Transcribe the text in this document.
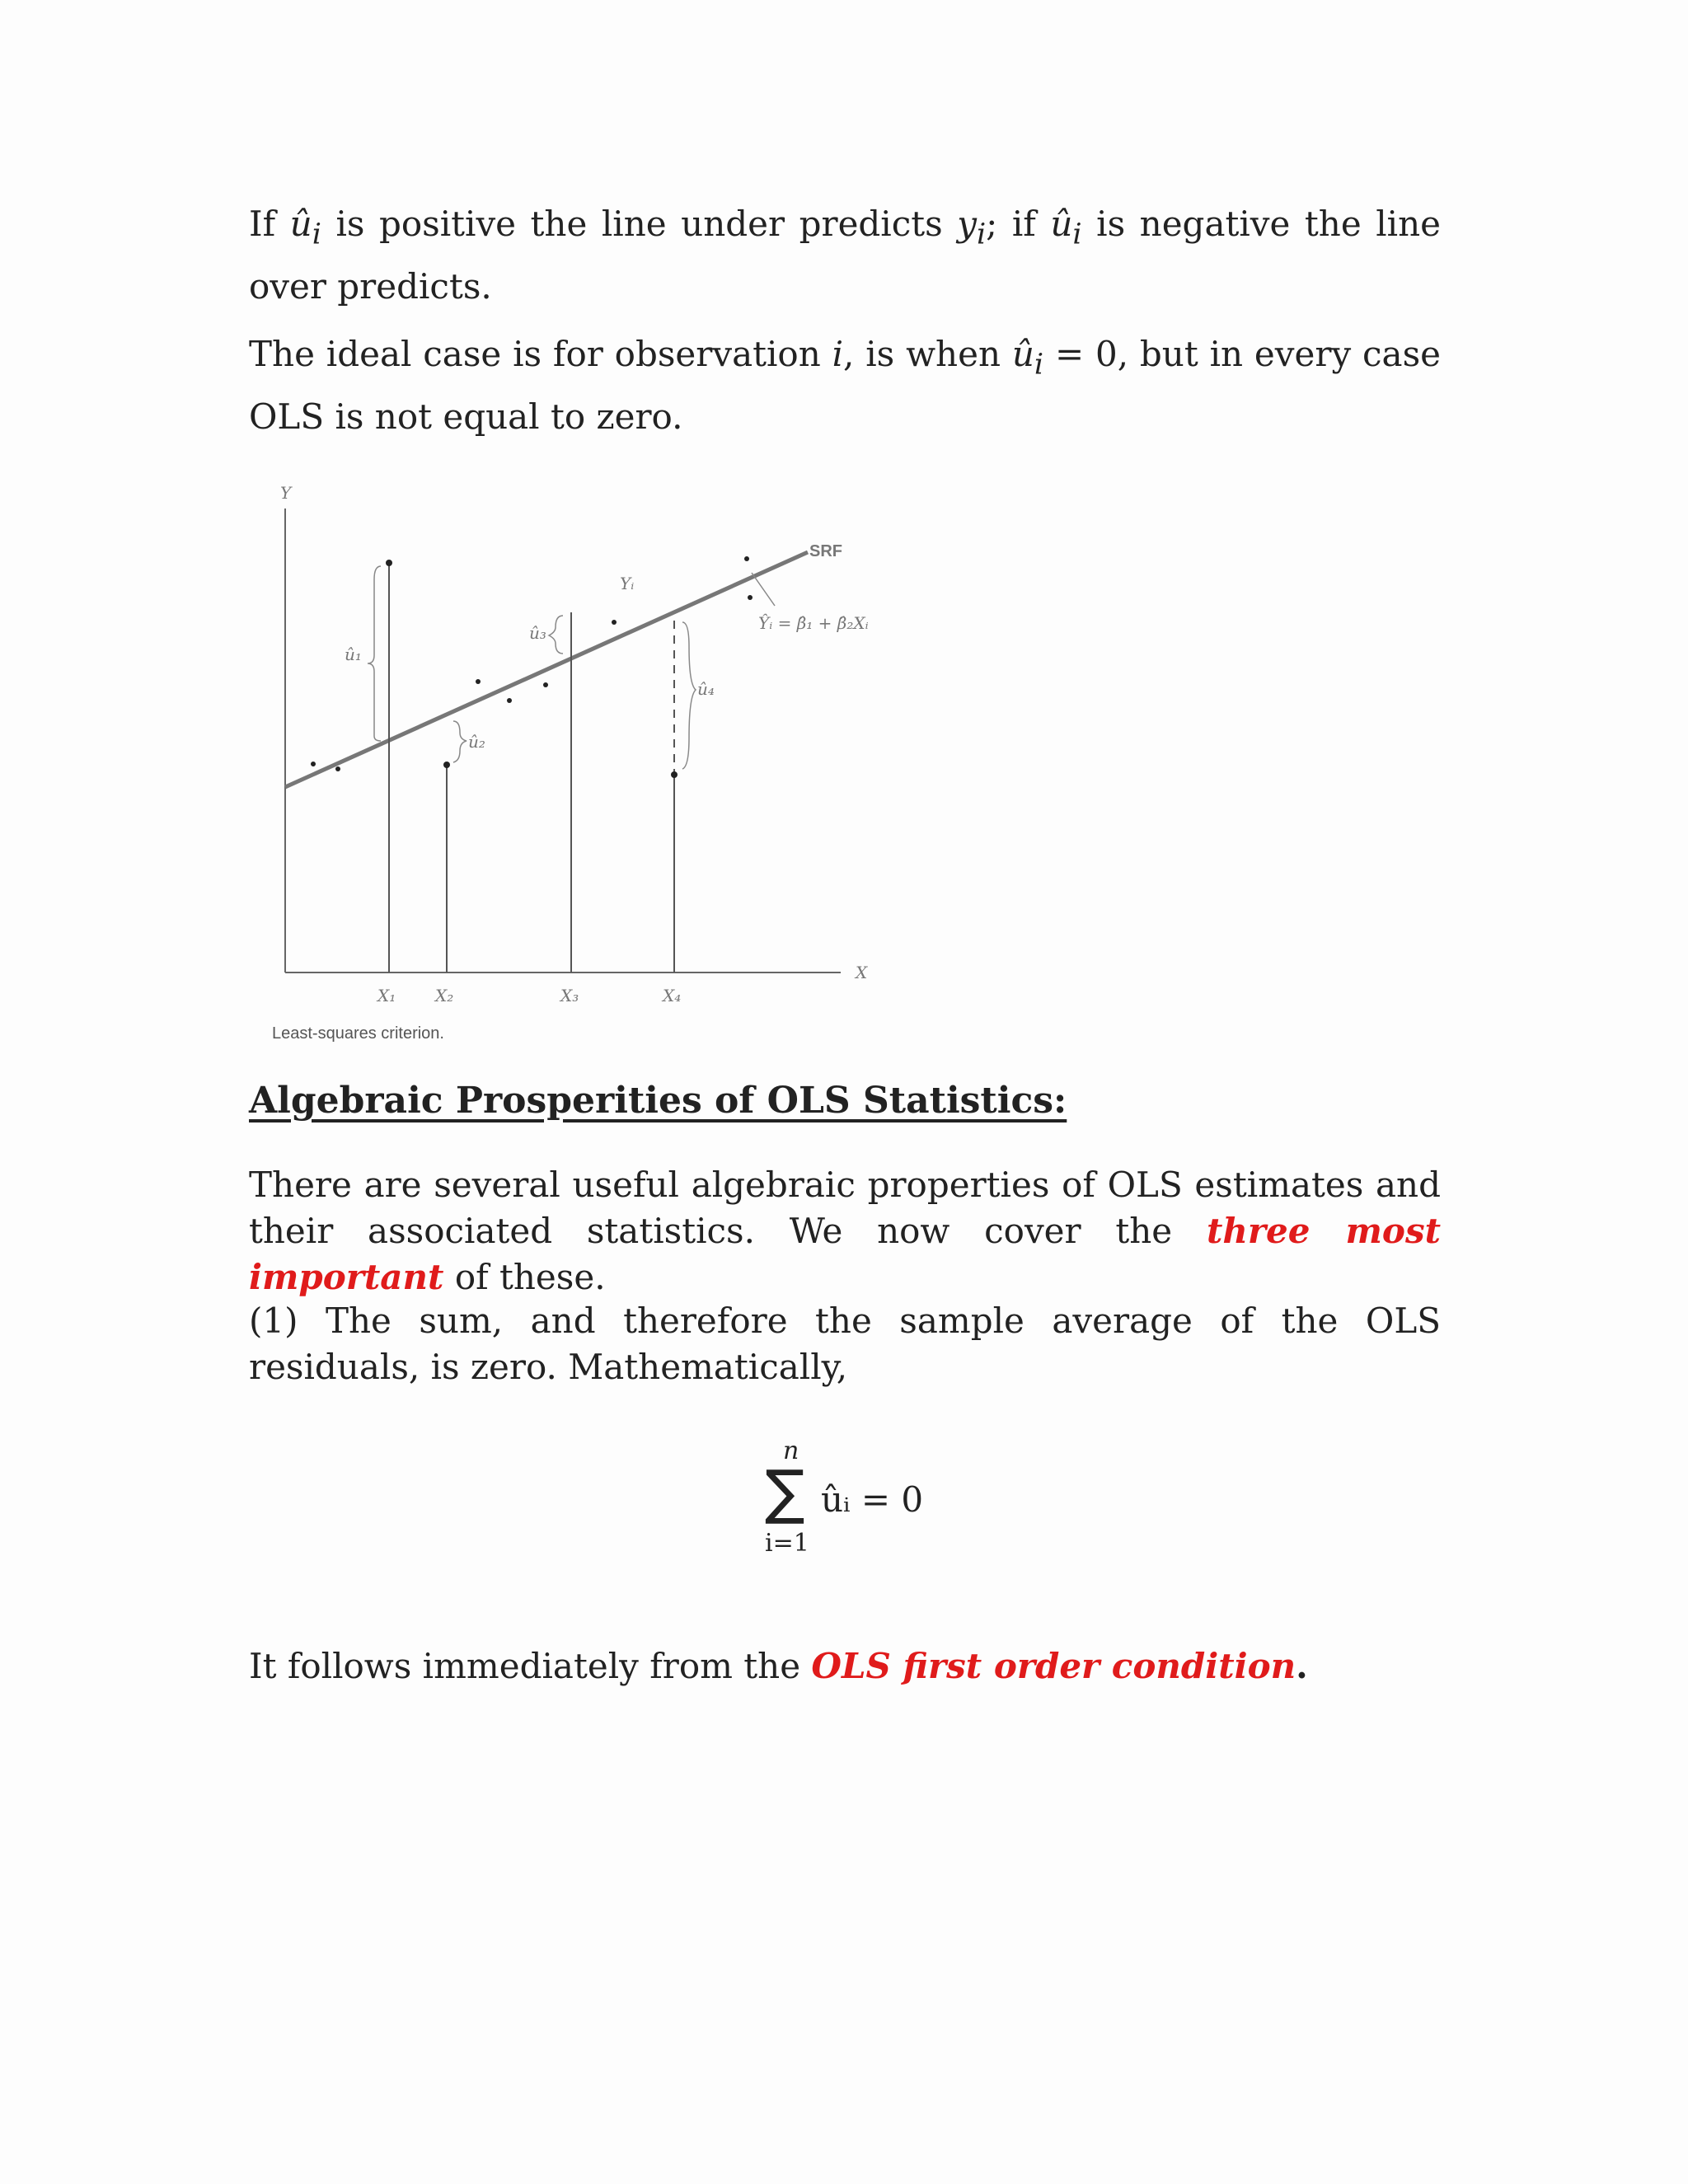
If $û_i$ is positive the line under predicts $y_i$; if $û_i$ is negative the line over predicts.
The ideal case is for observation i, is when $û_i = 0$, but in every case OLS is not equal to zero.
Y
X
Yᵢ
Ŷᵢ = β̂₁ + β̂₂Xᵢ
X₁ X₂	X₃	X₄
û₁
û₂
û₃
û₄
SRF
Least-squares criterion.
Algebraic Prosperities of OLS Statistics:
There are several useful algebraic properties of OLS estimates and their associated statistics. We now cover the three most important of these.
(1) The sum, and therefore the sample average of the OLS residuals, is zero. Mathematically,
n
∑
i=1
ûᵢ = 0
It follows immediately from the OLS first order condition.
